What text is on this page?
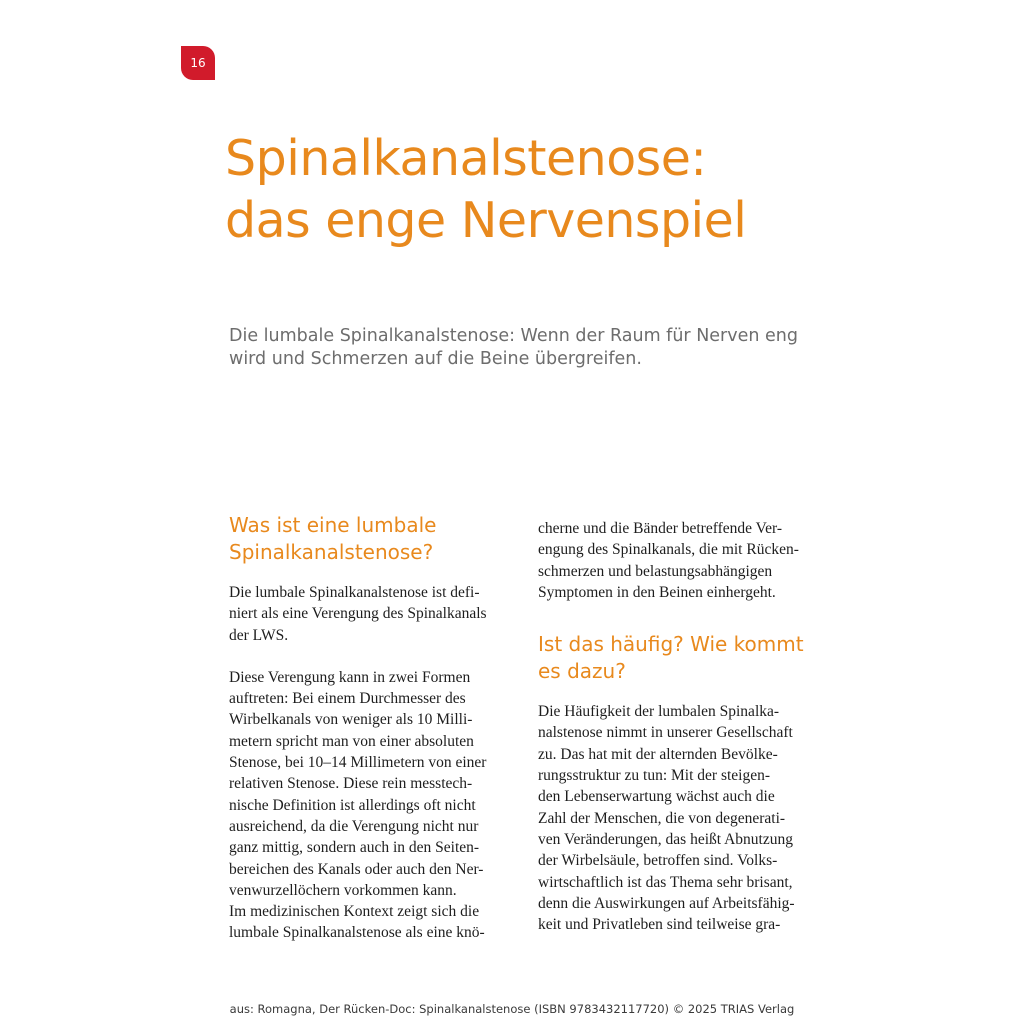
16
Spinalkanalstenose:
das enge Nervenspiel

Die lumbale Spinalkanalstenose: Wenn der Raum für Nerven eng wird und Schmerzen auf die Beine übergreifen.

Was ist eine lumbale
Spinalkanalstenose?
Die lumbale Spinalkanalstenose ist defi-
niert als eine Verengung des Spinalkanals
der LWS.
Diese Verengung kann in zwei Formen
auftreten: Bei einem Durchmesser des
Wirbelkanals von weniger als 10 Milli-
metern spricht man von einer absoluten
Stenose, bei 10–14 Millimetern von einer
relativen Stenose. Diese rein messtech-
nische Definition ist allerdings oft nicht
ausreichend, da die Verengung nicht nur
ganz mittig, sondern auch in den Seiten-
bereichen des Kanals oder auch den Ner-
venwurzellöchern vorkommen kann.
Im medizinischen Kontext zeigt sich die
lumbale Spinalkanalstenose als eine knö-
cherne und die Bänder betreffende Ver-
engung des Spinalkanals, die mit Rücken-
schmerzen und belastungsabhängigen
Symptomen in den Beinen einhergeht.
Ist das häufig? Wie kommt
es dazu?
Die Häufigkeit der lumbalen Spinalka-
nalstenose nimmt in unserer Gesellschaft
zu. Das hat mit der alternden Bevölke-
rungsstruktur zu tun: Mit der steigen-
den Lebenserwartung wächst auch die
Zahl der Menschen, die von degenerati-
ven Veränderungen, das heißt Abnutzung
der Wirbelsäule, betroffen sind. Volks-
wirtschaftlich ist das Thema sehr brisant,
denn die Auswirkungen auf Arbeitsfähig-
keit und Privatleben sind teilweise gra-
aus: Romagna, Der Rücken-Doc: Spinalkanalstenose (ISBN 9783432117720) © 2025 TRIAS Verlag
